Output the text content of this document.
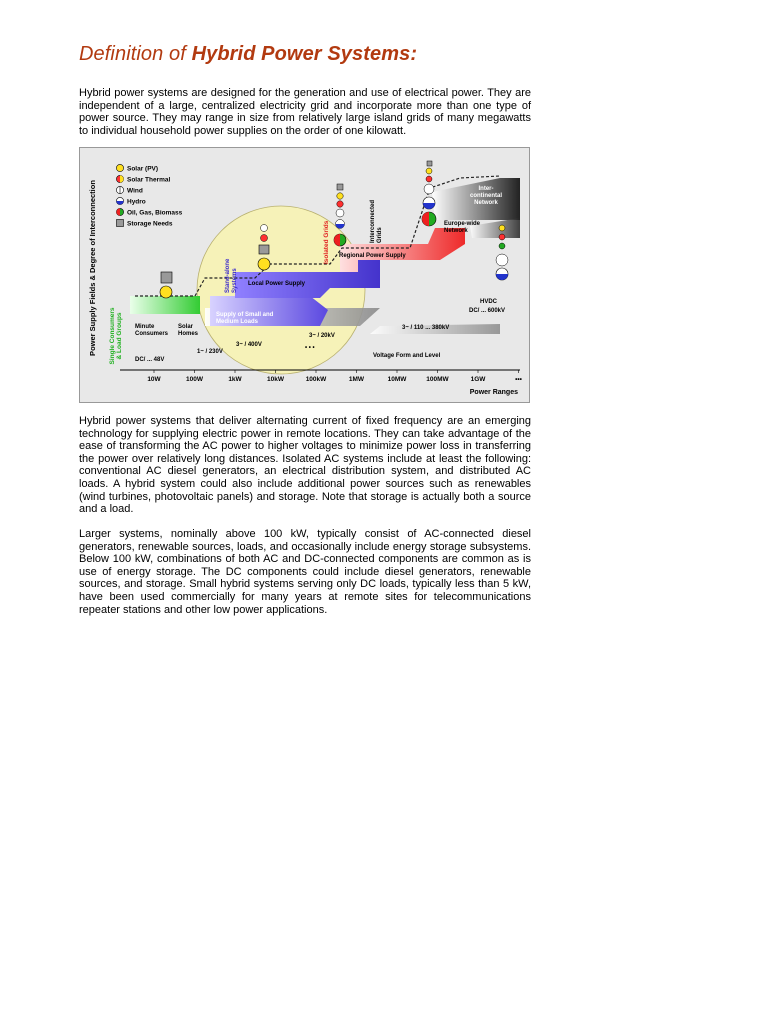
Definition of Hybrid Power Systems:

Hybrid power systems are designed for the generation and use of electrical power. They are independent of a large, centralized electricity grid and incorporate more than one type of power source. They may range in size from relatively large island grids of many megawatts to individual household power supplies on the order of one kilowatt.

Power Supply Fields & Degree of Interconnection Single Consumers & Load Groups
Solar (PV)
Solar Thermal
Wind
Hydro
Oil, Gas, Biomass
Storage Needs
Minute Consumers
Solar Homes
Local Power Supply
Supply of Small and Medium Loads
Regional Power Supply
Europe-wide Network
Inter-continental Network
HVDC
DC/ ... 600kV
DC/ ... 48V
1~ / 230V
3~ / 400V
3~ / 20kV
3~ / 110 ... 380kV
Voltage Form and Level
• • •
Stand-aloneSystems
Isolated Grids	InterconnectedGrids
10W	100W	1kW	10kW	100kW	1MW	10MW	100MW	1GW	•••
Power Ranges

Hybrid power systems that deliver alternating current of fixed frequency are an emerging technology for supplying electric power in remote locations. They can take advantage of the ease of transforming the AC power to higher voltages to minimize power loss in transferring the power over relatively long distances. Isolated AC systems include at least the following: conventional AC diesel generators, an electrical distribution system, and distributed AC loads. A hybrid system could also include additional power sources such as renewables (wind turbines, photovoltaic panels) and storage. Note that storage is actually both a source and a load.

Larger systems, nominally above 100 kW, typically consist of AC-connected diesel generators, renewable sources, loads, and occasionally include energy storage subsystems. Below 100 kW, combinations of both AC and DC-connected components are common as is use of energy storage. The DC components could include diesel generators, renewable sources, and storage. Small hybrid systems serving only DC loads, typically less than 5 kW, have been used commercially for many years at remote sites for telecommunications repeater stations and other low power applications.
